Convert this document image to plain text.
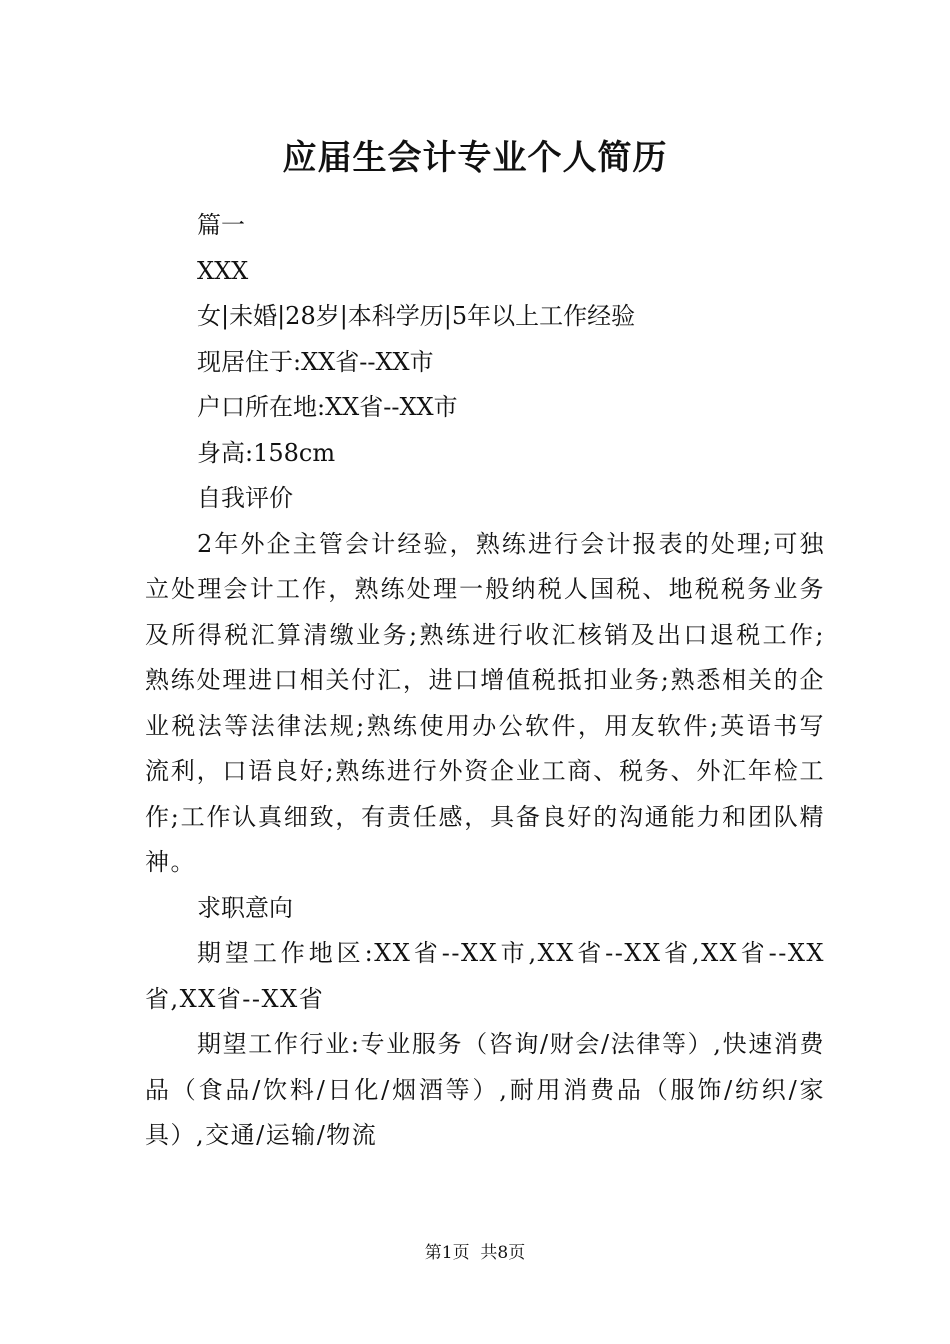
应届生会计专业个人简历

篇一

XXX

女|未婚|28岁|本科学历|5年以上工作经验

现居住于:XX省--XX市

户口所在地:XX省--XX市

身高:158cm

自我评价

2年外企主管会计经验，熟练进行会计报表的处理;可独立处理会计工作，熟练处理一般纳税人国税、地税税务业务及所得税汇算清缴业务;熟练进行收汇核销及出口退税工作;熟练处理进口相关付汇，进口增值税抵扣业务;熟悉相关的企业税法等法律法规;熟练使用办公软件，用友软件;英语书写流利，口语良好;熟练进行外资企业工商、税务、外汇年检工作;工作认真细致，有责任感，具备良好的沟通能力和团队精神。

求职意向

期望工作地区:XX省--XX市,XX省--XX省,XX省--XX省,XX省--XX省

期望工作行业:专业服务（咨询/财会/法律等）,快速消费品（食品/饮料/日化/烟酒等）,耐用消费品（服饰/纺织/家具）,交通/运输/物流

第1页  共8页
